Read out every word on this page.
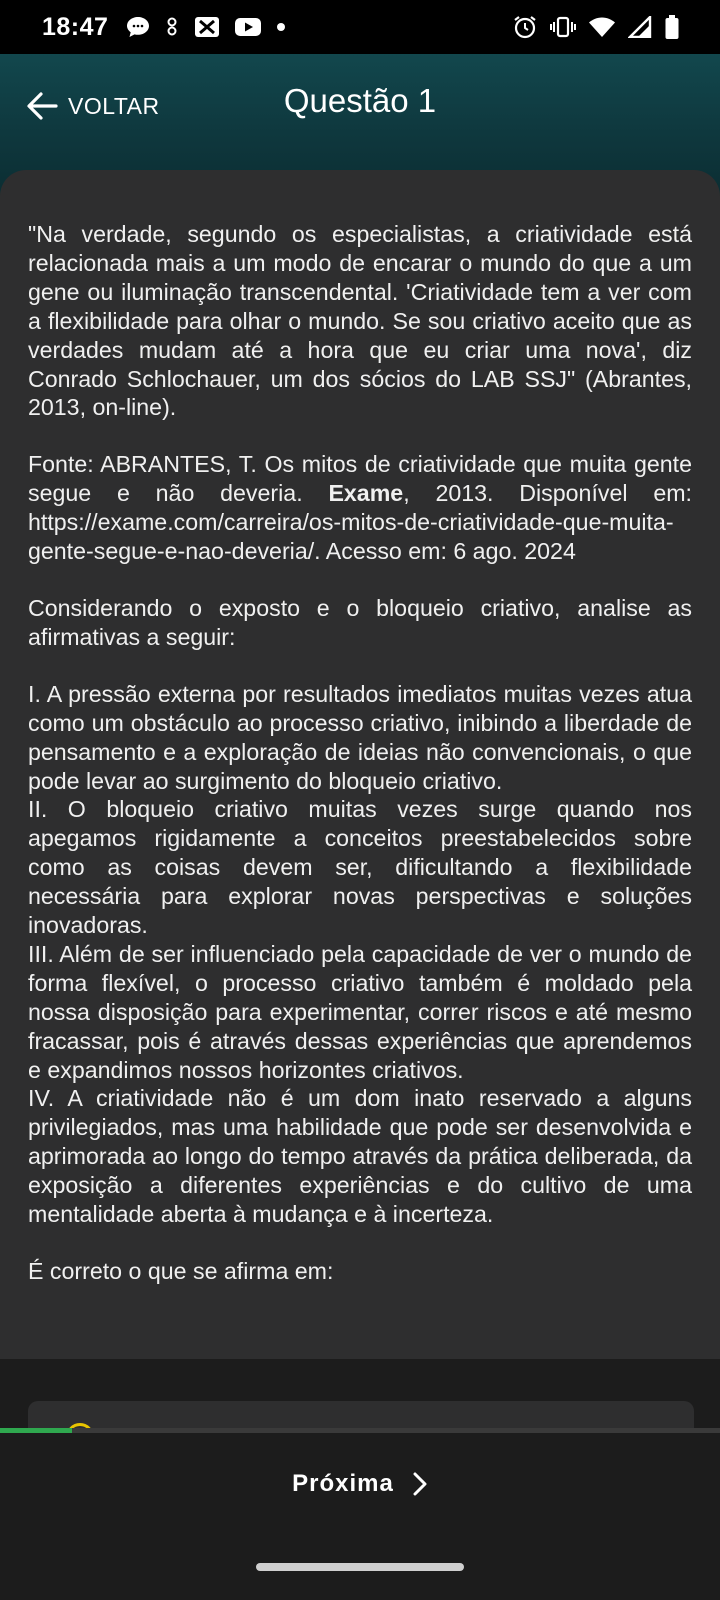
18:47
VOLTAR	Questão 1

"Na verdade, segundo os especialistas, a criatividade está relacionada mais a um modo de encarar o mundo do que a um gene ou iluminação transcendental. 'Criatividade tem a ver com a flexibilidade para olhar o mundo. Se sou criativo aceito que as verdades mudam até a hora que eu criar uma nova', diz Conrado Schlochauer, um dos sócios do LAB SSJ" (Abrantes, 2013, on-line).

Fonte: ABRANTES, T. Os mitos de criatividade que muita gente segue e não deveria. Exame, 2013. Disponível em: https://exame.com/carreira/os-mitos-de-criatividade-que-muita-gente-segue-e-nao-deveria/. Acesso em: 6 ago. 2024

Considerando o exposto e o bloqueio criativo, analise as afirmativas a seguir:

I. A pressão externa por resultados imediatos muitas vezes atua como um obstáculo ao processo criativo, inibindo a liberdade de pensamento e a exploração de ideias não convencionais, o que pode levar ao surgimento do bloqueio criativo.

II. O bloqueio criativo muitas vezes surge quando nos apegamos rigidamente a conceitos preestabelecidos sobre como as coisas devem ser, dificultando a flexibilidade necessária para explorar novas perspectivas e soluções inovadoras.

III. Além de ser influenciado pela capacidade de ver o mundo de forma flexível, o processo criativo também é moldado pela nossa disposição para experimentar, correr riscos e até mesmo fracassar, pois é através dessas experiências que aprendemos e expandimos nossos horizontes criativos.

IV. A criatividade não é um dom inato reservado a alguns privilegiados, mas uma habilidade que pode ser desenvolvida e aprimorada ao longo do tempo através da prática deliberada, da exposição a diferentes experiências e do cultivo de uma mentalidade aberta à mudança e à incerteza.

É correto o que se afirma em:

Próxima
